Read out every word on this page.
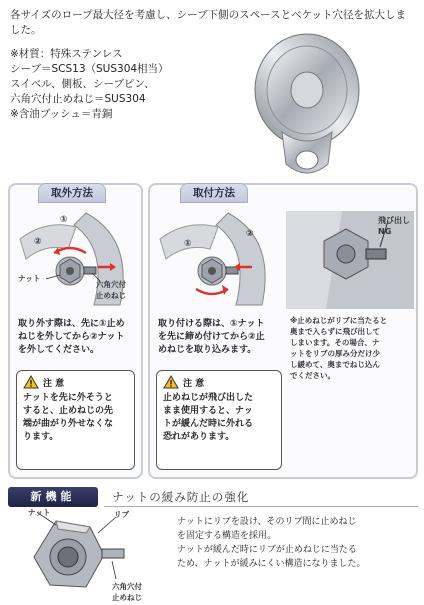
各サイズのロープ最大径を考慮し、シーブ下側のスペースとベケット穴径を拡大しました。
※材質：特殊ステンレス
シーブ＝SCS13（SUS304相当）
スイベル、側板、シーブピン、
六角穴付止めねじ＝SUS304
※含油ブッシュ＝青銅
取外方法
①
②
ナット
六角穴付
止めねじ
取り外す際は、先に①止め
ねじを外してから②ナット
を外してください。
注 意
ナットを先に外そうと
すると、止めねじの先
端が曲がり外せなくな
ります。
取付方法
①
②
飛び出しNG
取り付ける際は、①ナット
を先に締め付けてから②止
めねじを取り込みます。
注 意
止めねじが飛び出した
まま使用すると、ナッ
トが緩んだ時に外れる
恐れがあります。
※止めねじがリブに当たると
奥まで入らずに飛び出して
しまいます。その場合、ナ
ットをリブの厚み分だけ少
し緩めて、奥までねじ込ん
でください。
新機能	ナットの緩み防止の強化
ナット	リブ
六角穴付
止めねじ
ナットにリブを設け、そのリブ間に止めねじ
を固定する構造を採用。
ナットが緩んだ時にリブが止めねじに当たる
ため、ナットが緩みにくい構造になりました。
